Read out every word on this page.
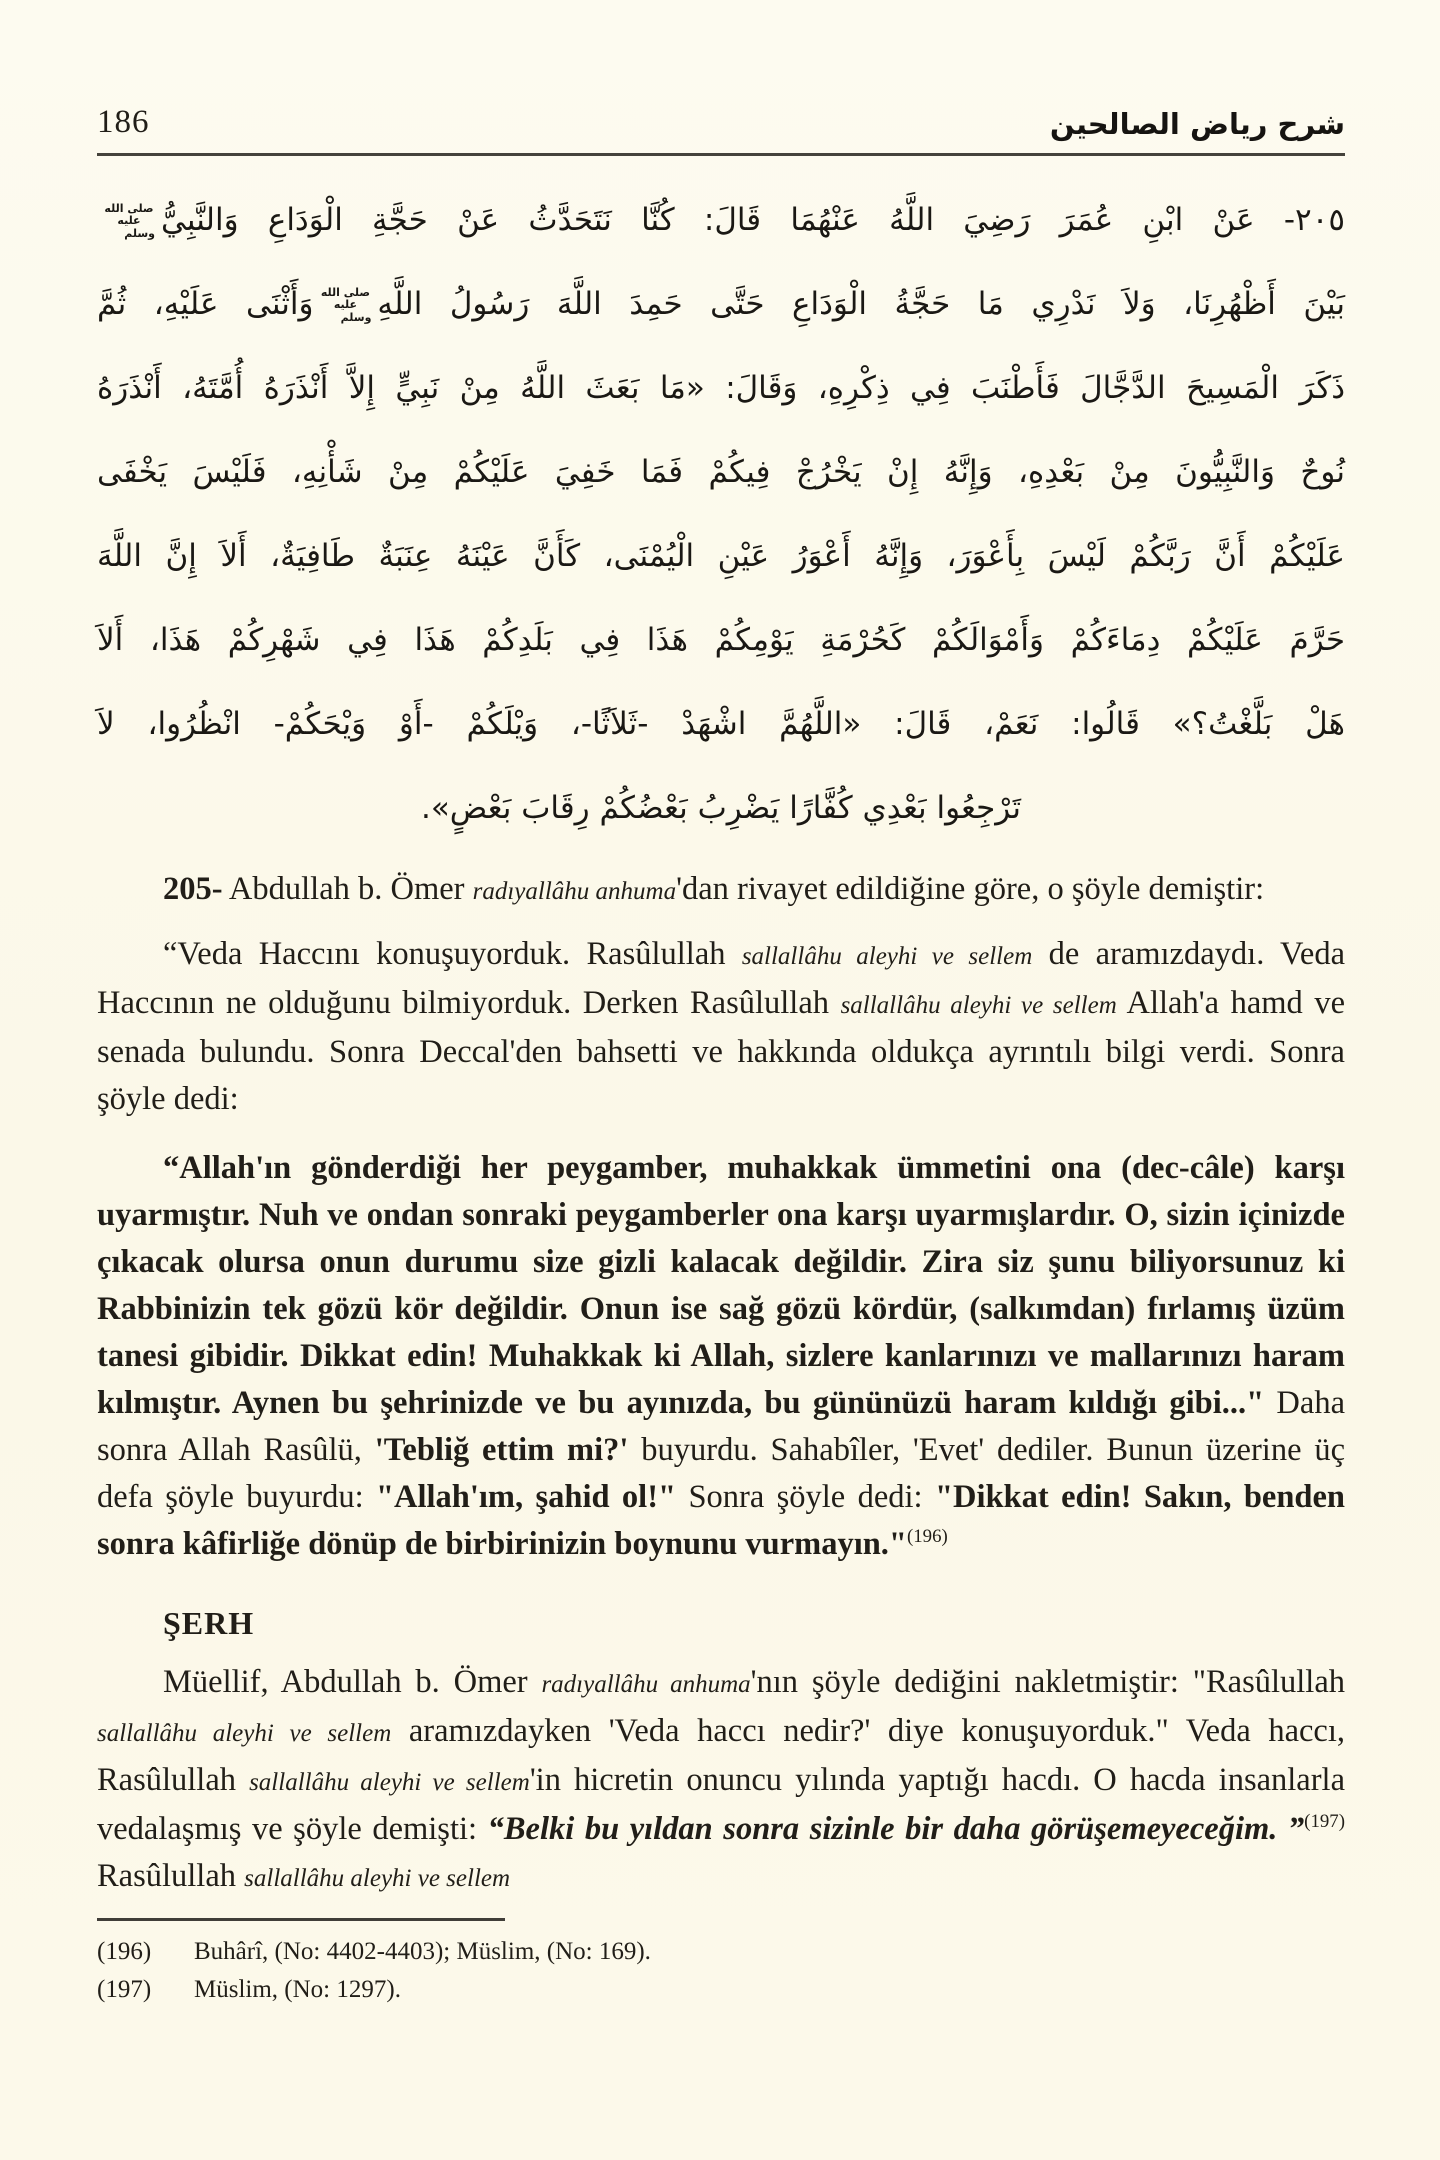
186	شرح رياض الصالحين
٢٠٥- عَنْ ابْنِ عُمَرَ رَضِيَ اللَّهُ عَنْهُمَا قَالَ: كُنَّا نَتَحَدَّثُ عَنْ حَجَّةِ الْوَدَاعِ وَالنَّبِيُّصلى الله عليه وسلم
بَيْنَ أَظْهُرِنَا، وَلاَ نَدْرِي مَا حَجَّةُ الْوَدَاعِ حَتَّى حَمِدَ اللَّهَ رَسُولُ اللَّهِصلى الله عليه وسلموَأَثْنَى عَلَيْهِ، ثُمَّ
ذَكَرَ الْمَسِيحَ الدَّجَّالَ فَأَطْنَبَ فِي ذِكْرِهِ، وَقَالَ: «مَا بَعَثَ اللَّهُ مِنْ نَبِيٍّ إِلاَّ أَنْذَرَهُ أُمَّتَهُ، أَنْذَرَهُ
نُوحٌ وَالنَّبِيُّونَ مِنْ بَعْدِهِ، وَإِنَّهُ إِنْ يَخْرُجْ فِيكُمْ فَمَا خَفِيَ عَلَيْكُمْ مِنْ شَأْنِهِ، فَلَيْسَ يَخْفَى
عَلَيْكُمْ أَنَّ رَبَّكُمْ لَيْسَ بِأَعْوَرَ، وَإِنَّهُ أَعْوَرُ عَيْنِ الْيُمْنَى، كَأَنَّ عَيْنَهُ عِنَبَةٌ طَافِيَةٌ، أَلاَ إِنَّ اللَّهَ
حَرَّمَ عَلَيْكُمْ دِمَاءَكُمْ وَأَمْوَالَكُمْ كَحُرْمَةِ يَوْمِكُمْ هَذَا فِي بَلَدِكُمْ هَذَا فِي شَهْرِكُمْ هَذَا، أَلاَ
هَلْ بَلَّغْتُ؟» قَالُوا: نَعَمْ، قَالَ: «اللَّهُمَّ اشْهَدْ -ثَلاَثًا-، وَيْلَكُمْ -أَوْ وَيْحَكُمْ- انْظُرُوا، لاَ
تَرْجِعُوا بَعْدِي كُفَّارًا يَضْرِبُ بَعْضُكُمْ رِقَابَ بَعْضٍ».

205- Abdullah b. Ömer radıyallâhu anhuma'dan rivayet edildiğine göre, o şöyle demiştir:

“Veda Haccını konuşuyorduk. Rasûlullah sallallâhu aleyhi ve sellem de aramızdaydı. Veda Haccının ne olduğunu bilmiyorduk. Derken Rasûlullah sallallâhu aleyhi ve sellem Allah'a hamd ve senada bulundu. Sonra Deccal'den bahsetti ve hakkında oldukça ayrıntılı bilgi verdi. Sonra şöyle dedi:

“Allah'ın gönderdiği her peygamber, muhakkak ümmetini ona (dec-câle) karşı uyarmıştır. Nuh ve ondan sonraki peygamberler ona karşı uyarmışlardır. O, sizin içinizde çıkacak olursa onun durumu size gizli kalacak değildir. Zira siz şunu biliyorsunuz ki Rabbinizin tek gözü kör değildir. Onun ise sağ gözü kördür, (salkımdan) fırlamış üzüm tanesi gibidir. Dikkat edin! Muhakkak ki Allah, sizlere kanlarınızı ve mallarınızı haram kılmıştır. Aynen bu şehrinizde ve bu ayınızda, bu gününüzü haram kıldığı gibi..." Daha sonra Allah Rasûlü, 'Tebliğ ettim mi?' buyurdu. Sahabîler, 'Evet' dediler. Bunun üzerine üç defa şöyle buyurdu: "Allah'ım, şahid ol!" Sonra şöyle dedi: "Dikkat edin! Sakın, benden sonra kâfirliğe dönüp de birbirinizin boynunu vurmayın."$^{(196)}$

ŞERH

Müellif, Abdullah b. Ömer radıyallâhu anhuma'nın şöyle dediğini nakletmiştir: "Rasûlullah sallallâhu aleyhi ve sellem aramızdayken 'Veda haccı nedir?' diye konuşuyorduk." Veda haccı, Rasûlullah sallallâhu aleyhi ve sellem'in hicretin onuncu yılında yaptığı hacdı. O hacda insanlarla vedalaşmış ve şöyle demişti: “Belki bu yıldan sonra sizinle bir daha görüşemeyeceğim. ”$^{(197)}$ Rasûlullah sallallâhu aleyhi ve sellem

(196)	Buhârî, (No: 4402-4403); Müslim, (No: 169).
(197)	Müslim, (No: 1297).
